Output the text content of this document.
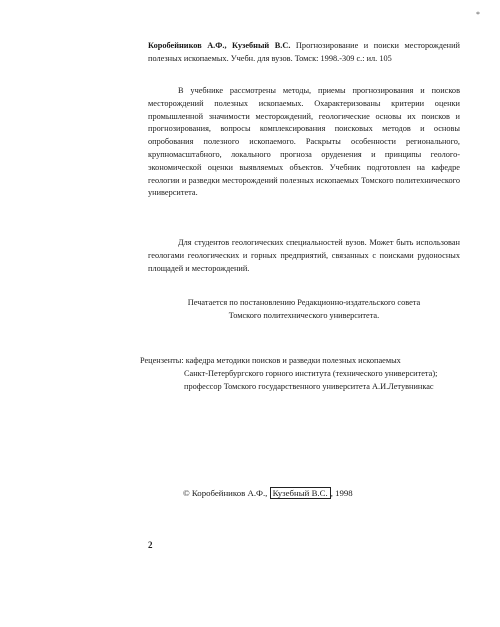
*
Коробейников А.Ф., Кузебный В.С. Прогнозирование и поиски месторождений полезных ископаемых. Учебн. для вузов. Томск: 1998.-309 с.: ил. 105
В учебнике рассмотрены методы, приемы прогнозирования и поисков месторождений полезных ископаемых. Охарактеризованы критерии оценки промышленной значимости месторождений, геологические основы их поисков и прогнозирования, вопросы комплексирования поисковых методов и основы опробования полезного ископаемого. Раскрыты особенности регионального, крупномасштабного, локального прогноза оруденения и принципы геолого-экономической оценки выявляемых объектов. Учебник подготовлен на кафедре геологии и разведки месторождений полезных ископаемых Томского политехнического университета.
Для студентов геологических специальностей вузов. Может быть использован геологами геологических и горных предприятий, связанных с поисками рудоносных площадей и месторождений.
Печатается по постановлению Редакционно-издательского совета
Томского политехнического университета.
Рецензенты: кафедра методики поисков и разведки полезных ископаемых
Санкт-Петербургского горного института (технического университета);
профессор Томского государственного университета А.И.Летувнинкас
© Коробейников А.Ф., Кузебный В.С. , 1998
2
